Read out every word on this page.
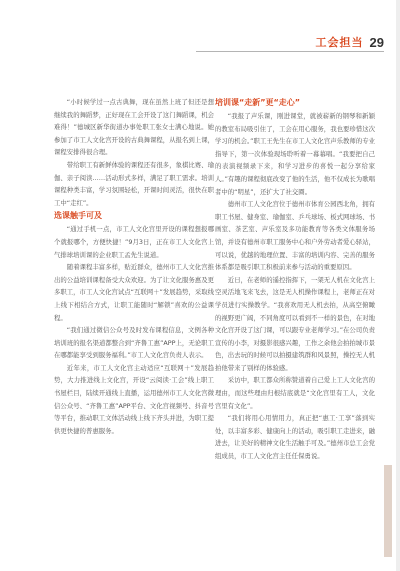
工会担当 29

“小时候学过一点古典舞，现在虽然上班了但还是想继续我的舞蹈梦，正好现在工会开设了这门舞蹈课，机会难得！”德城区新华街道办事处职工张女士满心地说。她参加了市工人文化宫开设的古典舞课程，从报名到上课，课程安排得很合理。

带给职工有新鲜体验的课程还有很多，象棋比赛、瑜伽、亲子阅读……活动形式多样，满足了职工需求。培训课程种类丰富，学习氛围轻松，开课时间灵活，很快在职工中“走红”。

选课触手可及

“通过手机一点，市工人文化宫里开设的课程想报哪个就报哪个，方便快捷！”9月3日，正在市工人文化宫上气排球培训课的企业职工孟先生说道。

随着课程丰富多样，贴近群众，德州市工人文化宫推出的公益培训课程备受大众欢迎。为了让文化服务惠及更多职工，市工人文化宫试点“互联网＋”发展趋势，采取线上线下相结合方式，让职工能随时“解锁”喜欢的公益课程。

“我们通过微信公众号及时发布课程信息，文例各种培训班的报名渠道都整合到“齐鲁工惠”APP上，无论职工在哪都能享受到服务福利。”市工人文化宫负责人表示。

近年来，市工人文化宫主动适应“互联网＋”发展趋势，大力推进线上文化宫，开设“云阅读·工会”线上职工书屋栏目，陆续开通线上直播，运用德州市工人文化宫微信公众号、“齐鲁工惠”APP平台、文化宫视频号、抖音号等平台，推动职工文体活动线上线下齐头并进，为职工提供更快捷的普惠服务。

培训课“走新”更“走心”

“我报了声乐课，刚进课堂，就被崭新的钢琴和新颖的教室布局吸引住了，工会在用心服务，我也要珍惜这次学习的机会。”职工王先生在市工人文化宫声乐教师的专业指导下，第一次体验现场聆听着一幕幕唱。“我要把自己的表演视频录下来，和学习进步的喜悦一起分享给家人。”有趣的课程彻底改变了他的生活，他不仅成长为歌唱者中的“明星”，还扩大了社交圈。

德州市工人文化宫位于德州市体育公园西北角，拥有职工书屋、健身室、瑜伽室、乒乓球场、板式网球场、书画室、茶艺室、声乐室及多功能教育等各类文体服务场馆，并设有德州市职工服务中心和户外劳动者爱心驿站，可以说，优越的地理位置、丰富的培训内容、完善的服务体系都是吸引职工积极前来参与活动的重要原因。

近日，在老师的遥控指挥下，一架无人机在文化宫上空灵活地飞来飞去，这是无人机操作课程上，老师正在对学员进行实操教学。“我喜欢用无人机去拍，从高空俯瞰的视野更广阔，不同角度可以看到不一样的景色，在对地文化宫开设了这门课，可以跟专业老师学习。”在公司负责宣传的小李，对摄影很感兴趣，工作之余他会拍拍城市景色，出去玩的时候可以拍摄建筑群和风景照，操控无人机拍他带来了别样的体验感。

采访中，职工都众所称赞道着自己爱上工人文化宫的理由，而这些理由归根结底就是“文化宫里有工人，文化宫里有文化”。

“我们将用心用情用力，真正把“惠工·工享”落到实处，以丰富多彩、健康向上的活动，吸引职工走进来，融进去，让美好的精神文化生活触手可及。”德州市总工会党组成员，市工人文化宫主任任保勇说。
